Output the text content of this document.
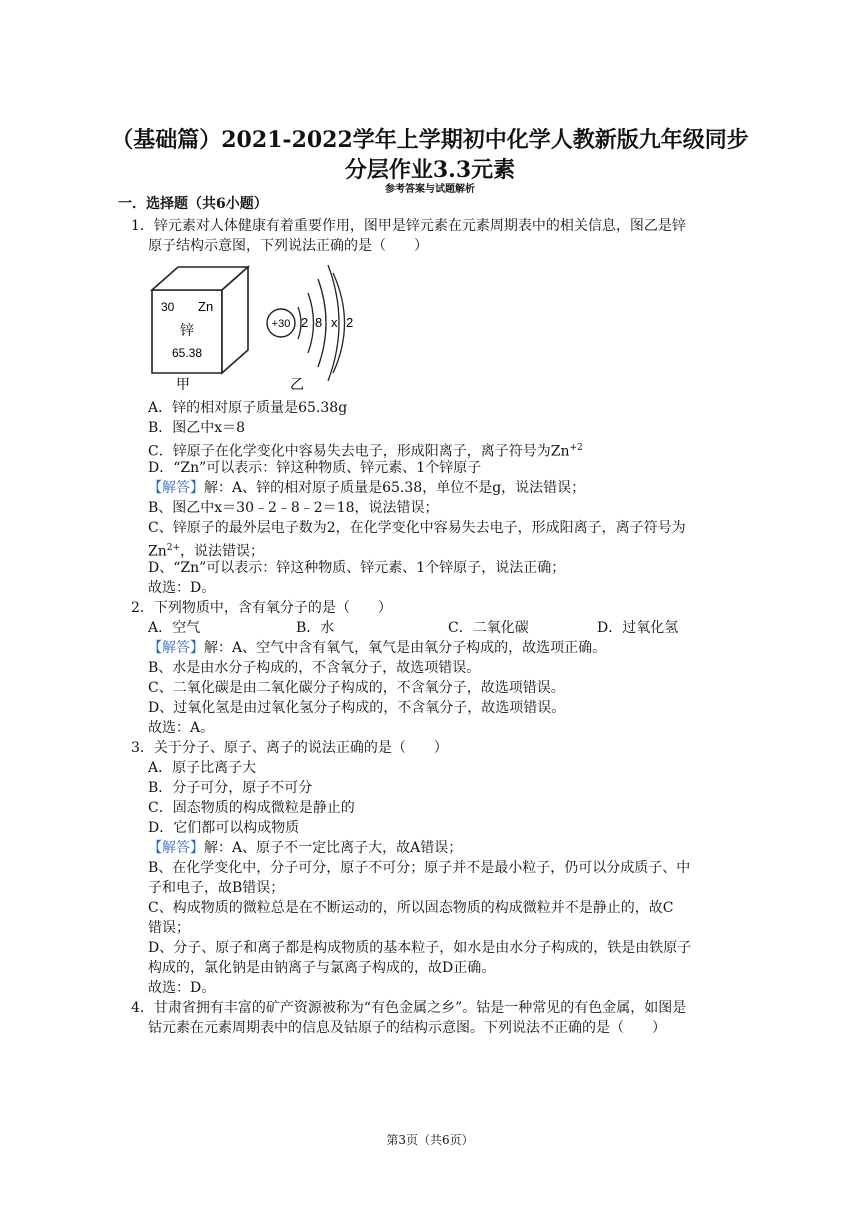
（基础篇）2021-2022学年上学期初中化学人教新版九年级同步
分层作业3.3元素
参考答案与试题解析
一．选择题（共6小题）
1．锌元素对人体健康有着重要作用，图甲是锌元素在元素周期表中的相关信息，图乙是锌
原子结构示意图，下列说法正确的是（　　）
30 Zn
锌
65.38
甲
+30 2 8 x 2
乙
A．锌的相对原子质量是65.38g
B．图乙中x＝8
C．锌原子在化学变化中容易失去电子，形成阳离子，离子符号为$Zn^{+2}$
D．“Zn”可以表示：锌这种物质、锌元素、1个锌原子
【解答】解：A、锌的相对原子质量是65.38，单位不是g，说法错误；
B、图乙中x＝30﹣2﹣8﹣2＝18，说法错误；
C、锌原子的最外层电子数为2，在化学变化中容易失去电子，形成阳离子，离子符号为
$Zn^{2+}$，说法错误；
D、“Zn”可以表示：锌这种物质、锌元素、1个锌原子，说法正确；
故选：D。
2．下列物质中，含有氧分子的是（　　）
A．空气	B．水	C．二氧化碳	D．过氧化氢
【解答】解：A、空气中含有氧气，氧气是由氧分子构成的，故选项正确。
B、水是由水分子构成的，不含氧分子，故选项错误。
C、二氧化碳是由二氧化碳分子构成的，不含氧分子，故选项错误。
D、过氧化氢是由过氧化氢分子构成的，不含氧分子，故选项错误。
故选：A。
3．关于分子、原子、离子的说法正确的是（　　）
A．原子比离子大
B．分子可分，原子不可分
C．固态物质的构成微粒是静止的
D．它们都可以构成物质
【解答】解：A、原子不一定比离子大，故A错误；
B、在化学变化中，分子可分，原子不可分；原子并不是最小粒子，仍可以分成质子、中
子和电子，故B错误；
C、构成物质的微粒总是在不断运动的，所以固态物质的构成微粒并不是静止的，故C
错误；
D、分子、原子和离子都是构成物质的基本粒子，如水是由水分子构成的，铁是由铁原子
构成的，氯化钠是由钠离子与氯离子构成的，故D正确。
故选：D。
4．甘肃省拥有丰富的矿产资源被称为“有色金属之乡”。钴是一种常见的有色金属，如图是
钴元素在元素周期表中的信息及钴原子的结构示意图。下列说法不正确的是（　　）
第3页（共6页）
